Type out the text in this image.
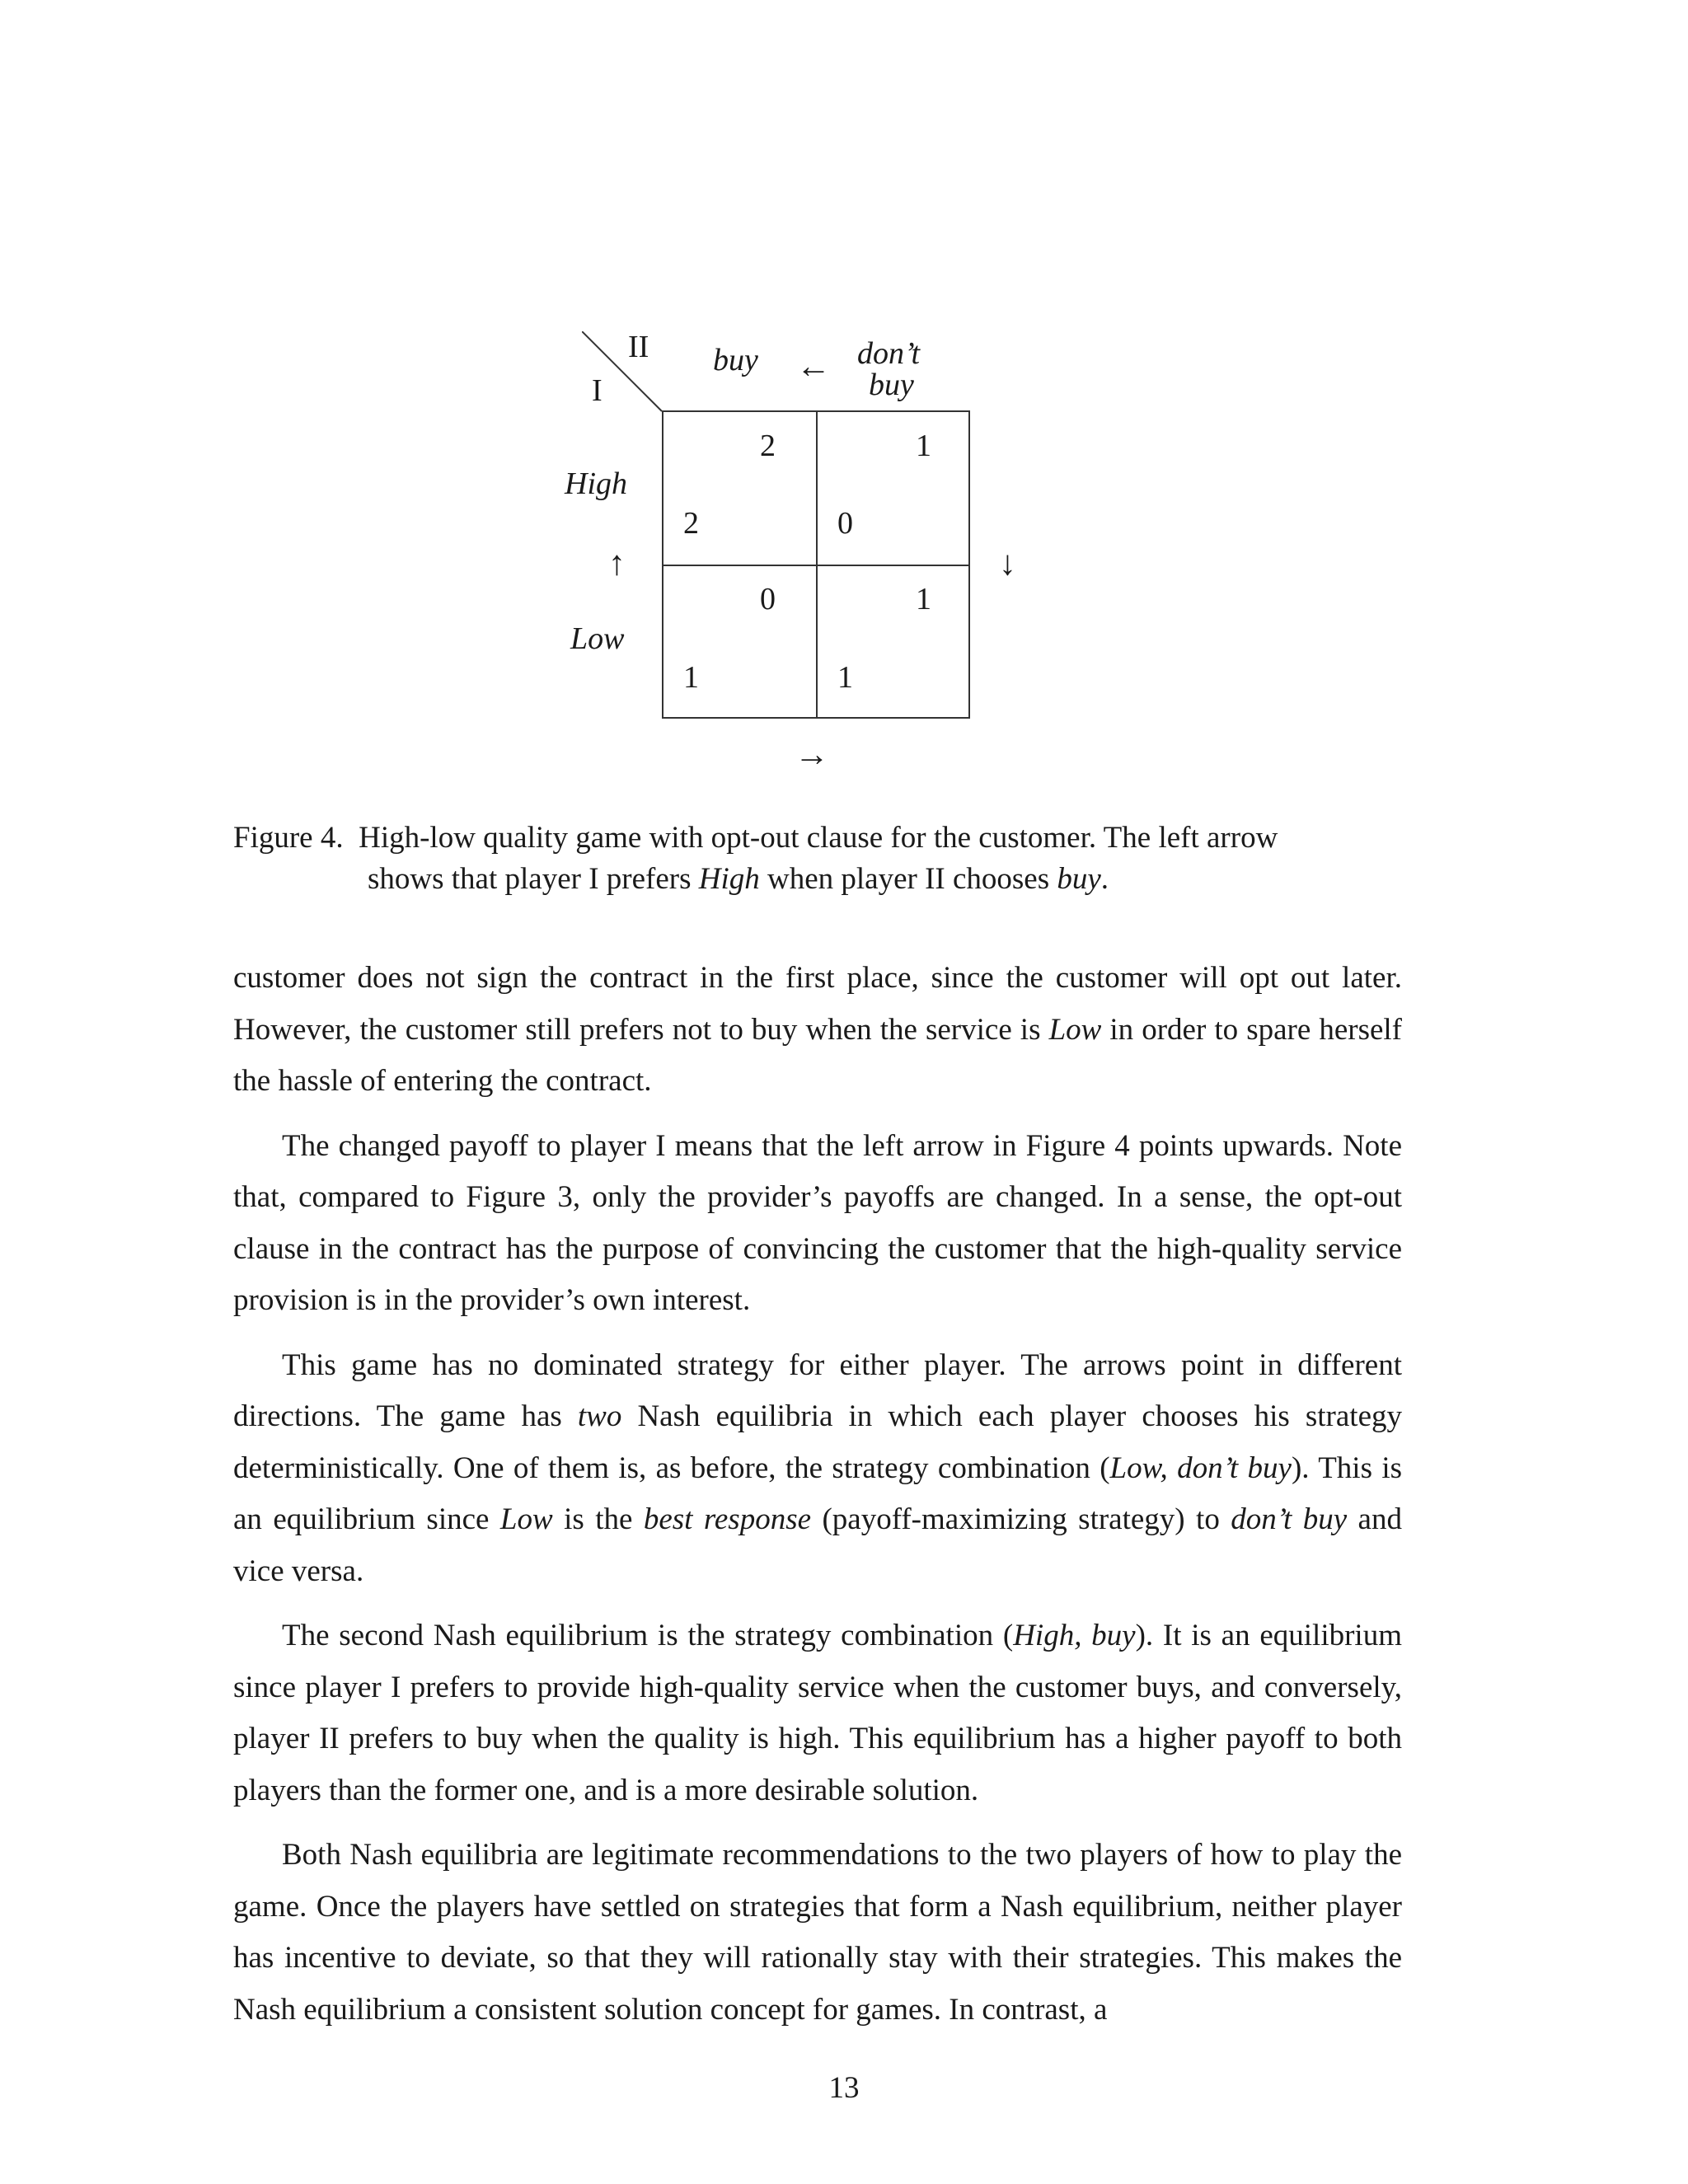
II
I
buy	don’t
buy
←
→
↑	↓
High
Low
2
2
1
0
0
1
1
1
Figure 4. High-low quality game with opt-out clause for the customer. The left arrow
shows that player I prefers High when player II chooses buy.

customer does not sign the contract in the first place, since the customer will opt out later. However, the customer still prefers not to buy when the service is Low in order to spare herself the hassle of entering the contract.

The changed payoff to player I means that the left arrow in Figure 4 points upwards. Note that, compared to Figure 3, only the provider’s payoffs are changed. In a sense, the opt-out clause in the contract has the purpose of convincing the customer that the high-quality service provision is in the provider’s own interest.

This game has no dominated strategy for either player. The arrows point in different directions. The game has two Nash equilibria in which each player chooses his strategy deterministically. One of them is, as before, the strategy combination (Low, don’t buy). This is an equilibrium since Low is the best response (payoff-maximizing strategy) to don’t buy and vice versa.

The second Nash equilibrium is the strategy combination (High, buy). It is an equilibrium since player I prefers to provide high-quality service when the customer buys, and conversely, player II prefers to buy when the quality is high. This equilibrium has a higher payoff to both players than the former one, and is a more desirable solution.

Both Nash equilibria are legitimate recommendations to the two players of how to play the game. Once the players have settled on strategies that form a Nash equilibrium, neither player has incentive to deviate, so that they will rationally stay with their strategies. This makes the Nash equilibrium a consistent solution concept for games. In contrast, a

13
